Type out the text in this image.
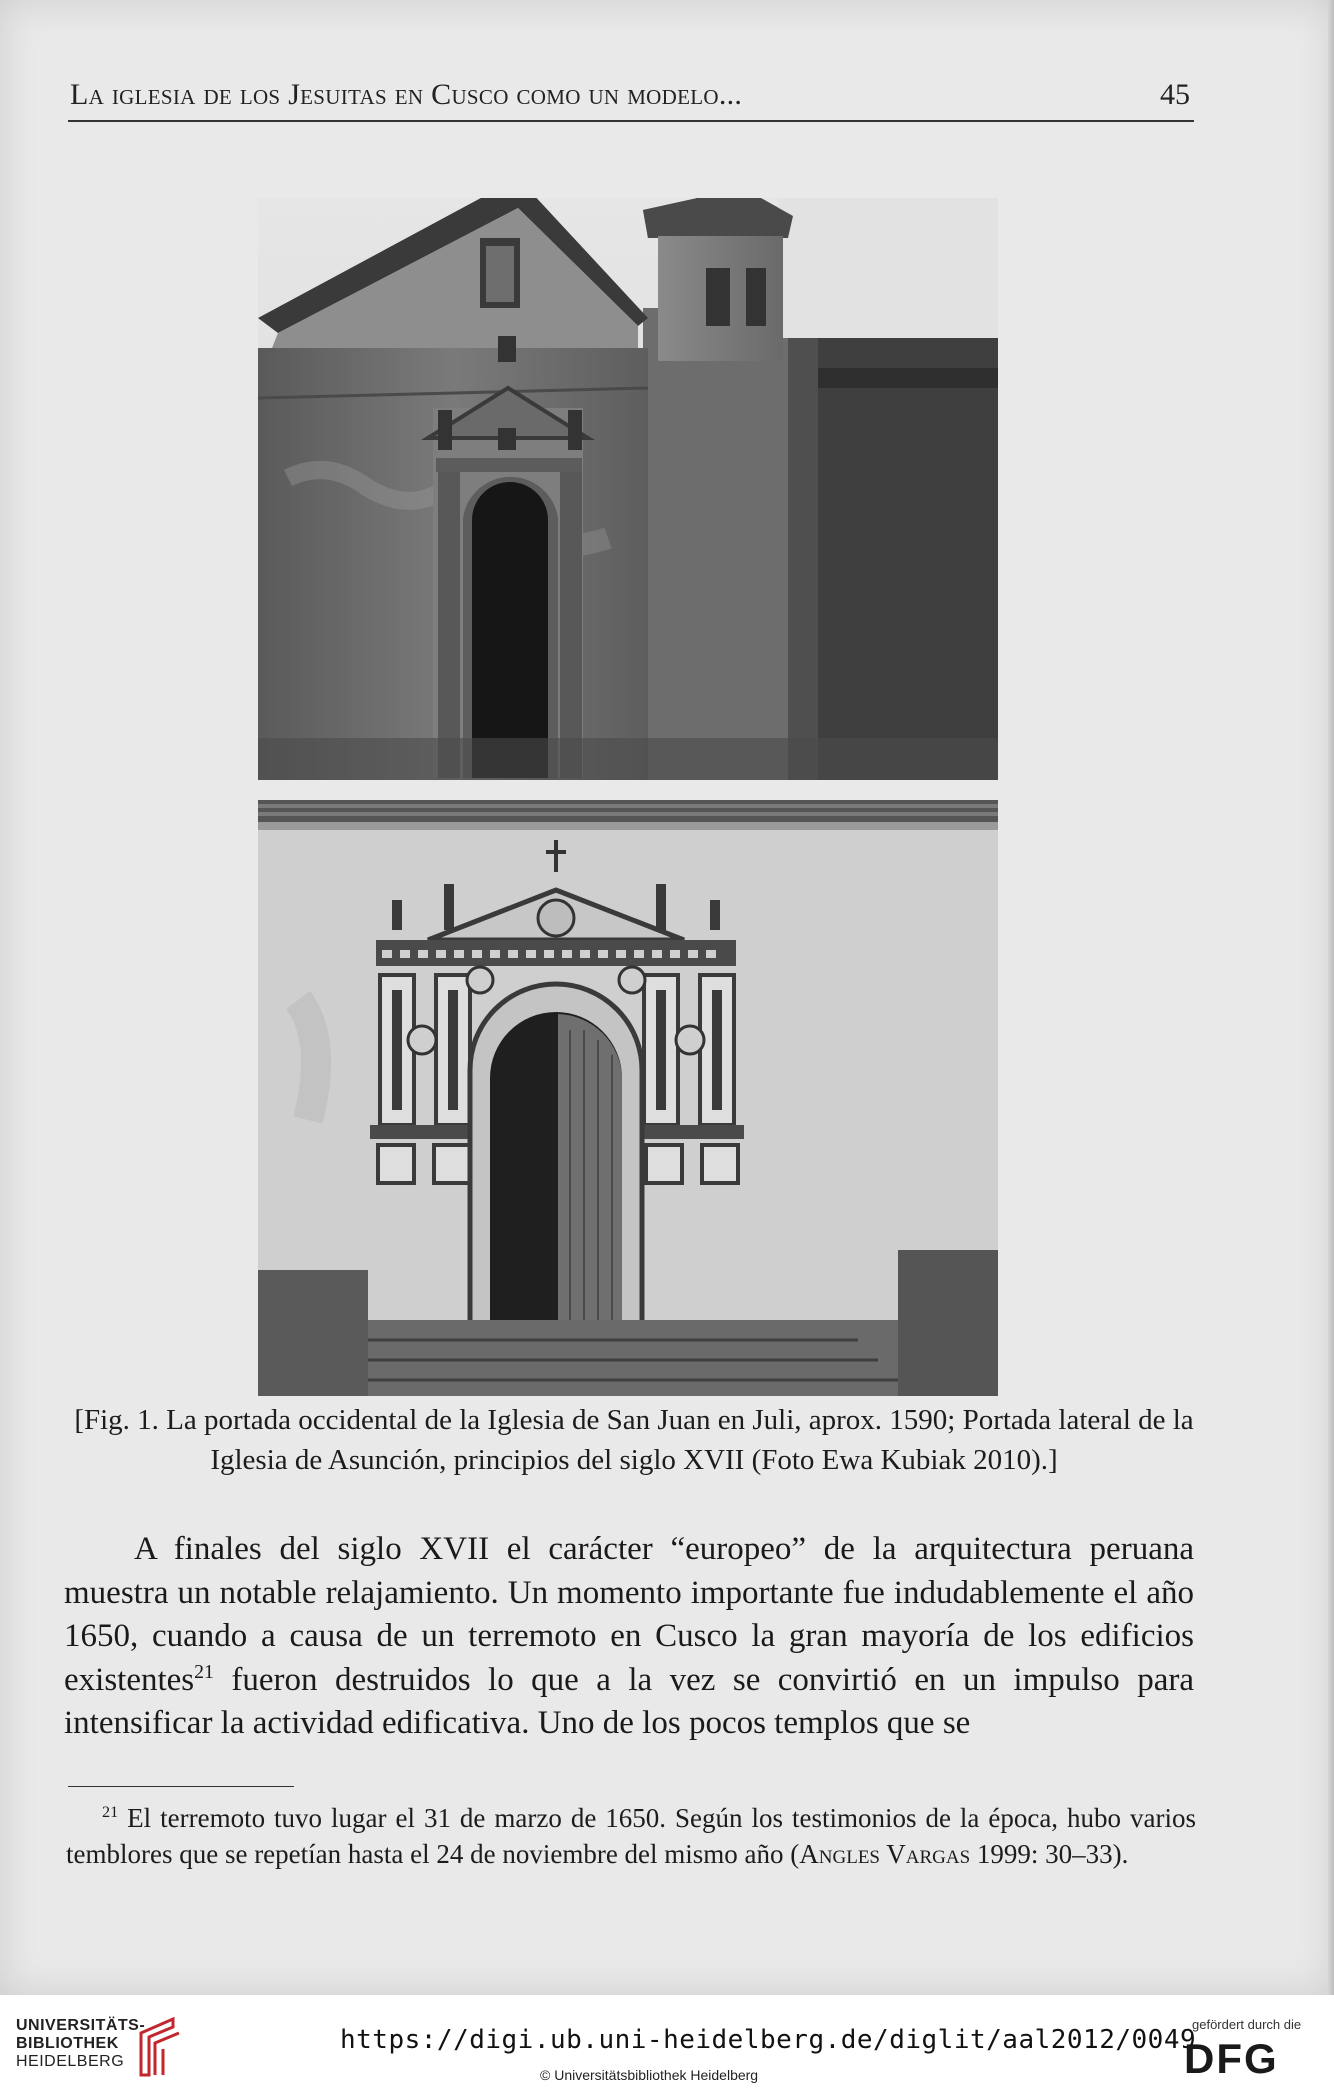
La iglesia de los Jesuitas en Cusco como un modelo...	45
[Fig. 1. La portada occidental de la Iglesia de San Juan en Juli, aprox. 1590; Portada lateral de la Iglesia de Asunción, principios del siglo XVII (Foto Ewa Kubiak 2010).]

A finales del siglo XVII el carácter “europeo” de la arquitectura peruana muestra un notable relajamiento. Un momento importante fue indudablemente el año 1650, cuando a causa de un terremoto en Cusco la gran mayoría de los edificios existentes$^{21}$ fueron destruidos lo que a la vez se convirtió en un impulso para intensificar la actividad edificativa. Uno de los pocos templos que se

$^{21}$ El terremoto tuvo lugar el 31 de marzo de 1650. Según los testimonios de la época, hubo varios temblores que se repetían hasta el 24 de noviembre del mismo año (Angles Vargas 1999: 30–33).

UNIVERSITÄTS-
BIBLIOTHEK
HEIDELBERG
https://digi.ub.uni-heidelberg.de/diglit/aal2012/0049
© Universitätsbibliothek Heidelberg
gefördert durch die
DFG
